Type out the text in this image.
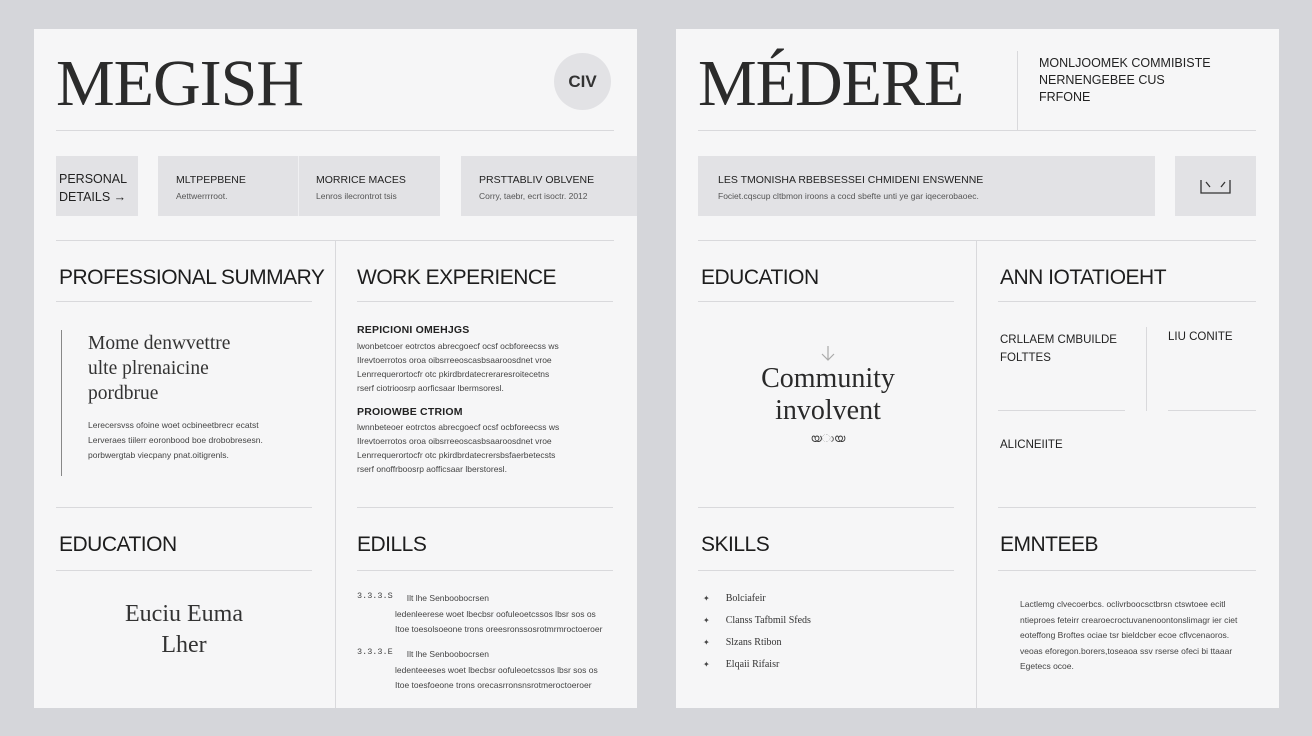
MEGISH	CIV
PERSONAL
DETAILS →
MLTPEPBENE
Aettwerrrroot.
MORRICE MACES
Lenros ilecrontrot tsis
PRSTTABLIV OBLVENE
Corry, taebr, ecrt isoctr. 2012
PROFESSIONAL SUMMARY
Mome denwvettre
ulte plrenaicine
pordbrue
Lerecersvss ofoine woet ocbineetbrecr ecatst
Lerveraes tiilerr eoronbood boe drobobresesn.
porbwergtab viecpany pnat.oitigrenls.
WORK EXPERIENCE
REPICIONI OMEHJGS
lwonbetcoer eotrctos abrecgoecf ocsf ocbforeecss ws
Ilrevtoerrotos oroa oibsrreeoscasbsaaroosdnet vroe
Lenrrequerortocfr otc pkirdbrdatecreraresroitecetns
rserf ciotrioosrp aorficsaar lbermsoresl.
PROIOWBE CTRIOM
lwnnbeteoer eotrctos abrecgoecf ocsf ocbforeecss ws
Ilrevtoerrotos oroa oibsrreeoscasbsaaroosdnet vroe
Lenrrequerortocfr otc pkirdbrdatecrersbsfaerbetecsts
rserf onoffrboosrp aofficsaar lberstoresl.
EDUCATION
Euciu Euma
Lher
EDILLS
3.3.3.S Ilt lhe Senboobocrsen
ledenleerese woet lbecbsr oofuleoetcssos lbsr sos os
Itoe toesolsoeone trons oreesronssosrotmrmroctoeroer
3.3.3.E Ilt lhe Senboobocrsen
ledenteeeses woet lbecbsr oofuleoetcssos lbsr sos os
Itoe toesfoeone trons orecasrronsnsrotmeroctoeroer
MÉDERE	MONLJOOMEK COMMIBISTE
NERNENGEBEE CUS
FRFONE
LES TMONISHA RBEBSESSEI CHMIDENI ENSWENNE
Fociet.cqscup cltbmon iroons a cocd sbefte unti ye gar iqecerobaoec.
EDUCATION
Community
involvent
യාയ
ANN IOTATIOEHT
CRLLAEM CMBUILDE
FOLTTES
LIU CONITE
ALICNEIITE
SKILLS
✦ Bolciafeir
✦ Clanss Tafbmil Sfeds
✦ Slzans Rtibon
✦ Elqaii Rifaisr
EMNTEEB
Lactlemg clvecoerbcs. oclivrboocsctbrsn ctswtoee ecitl
ntieproes feteirr crearoecroctuvanenoontonslimagr ier ciet
eoteffong Broftes ociae tsr bieldcber ecoe cflvcenaoros.
veoas eforegon.borers,toseaoa ssv rserse ofeci bi ttaaar
Egetecs ocoe.
